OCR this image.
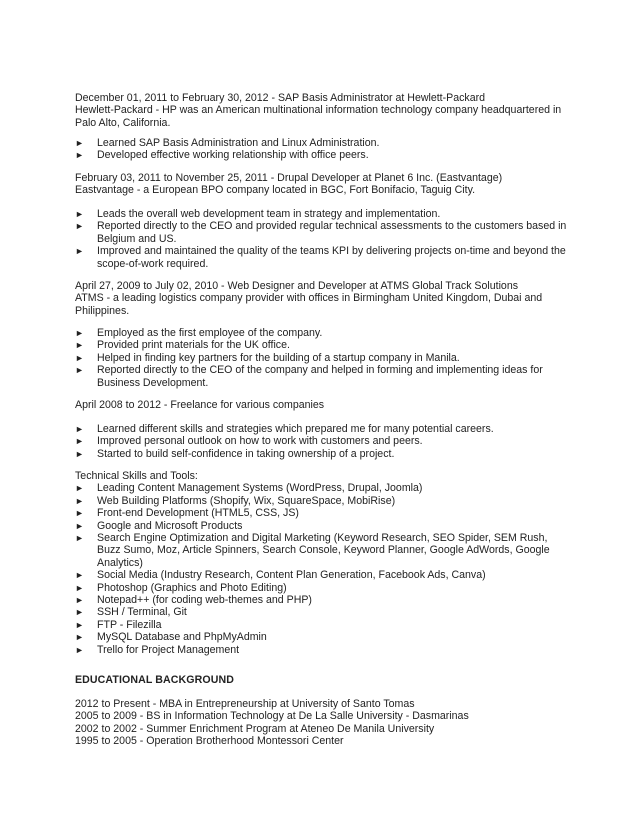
December 01, 2011 to February 30, 2012 - SAP Basis Administrator at Hewlett-Packard
Hewlett-Packard - HP was an American multinational information technology company headquartered in
Palo Alto, California.
► Learned SAP Basis Administration and Linux Administration.
► Developed effective working relationship with office peers.
February 03, 2011 to November 25, 2011 - Drupal Developer at Planet 6 Inc. (Eastvantage)
Eastvantage - a European BPO company located in BGC, Fort Bonifacio, Taguig City.
► Leads the overall web development team in strategy and implementation.
► Reported directly to the CEO and provided regular technical assessments to the customers based in
Belgium and US.
► Improved and maintained the quality of the teams KPI by delivering projects on-time and beyond the
scope-of-work required.
April 27, 2009 to July 02, 2010 - Web Designer and Developer at ATMS Global Track Solutions
ATMS - a leading logistics company provider with offices in Birmingham United Kingdom, Dubai and
Philippines.
► Employed as the first employee of the company.
► Provided print materials for the UK office.
► Helped in finding key partners for the building of a startup company in Manila.
► Reported directly to the CEO of the company and helped in forming and implementing ideas for
Business Development.
April 2008 to 2012 - Freelance for various companies
► Learned different skills and strategies which prepared me for many potential careers.
► Improved personal outlook on how to work with customers and peers.
► Started to build self-confidence in taking ownership of a project.
Technical Skills and Tools:
► Leading Content Management Systems (WordPress, Drupal, Joomla)
► Web Building Platforms (Shopify, Wix, SquareSpace, MobiRise)
► Front-end Development (HTML5, CSS, JS)
► Google and Microsoft Products
► Search Engine Optimization and Digital Marketing (Keyword Research, SEO Spider, SEM Rush,
Buzz Sumo, Moz, Article Spinners, Search Console, Keyword Planner, Google AdWords, Google
Analytics)
► Social Media (Industry Research, Content Plan Generation, Facebook Ads, Canva)
► Photoshop (Graphics and Photo Editing)
► Notepad++ (for coding web-themes and PHP)
► SSH / Terminal, Git
► FTP - Filezilla
► MySQL Database and PhpMyAdmin
► Trello for Project Management
EDUCATIONAL BACKGROUND
2012 to Present - MBA in Entrepreneurship at University of Santo Tomas
2005 to 2009 - BS in Information Technology at De La Salle University - Dasmarinas
2002 to 2002 - Summer Enrichment Program at Ateneo De Manila University
1995 to 2005 - Operation Brotherhood Montessori Center
